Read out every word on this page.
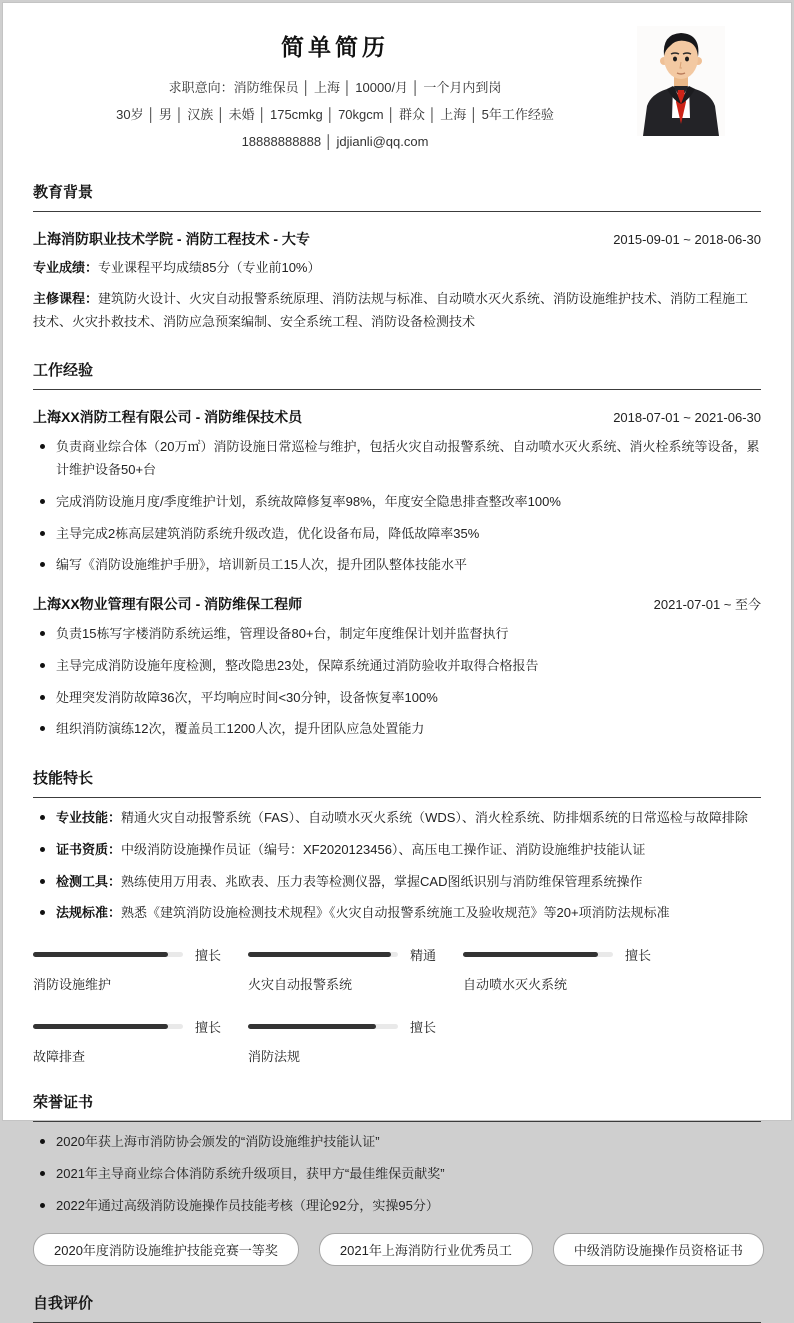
简单简历
求职意向：消防维保员 │ 上海 │ 10000/月 │ 一个月内到岗
30岁 │ 男 │ 汉族 │ 未婚 │ 175cmkg │ 70kgcm │ 群众 │ 上海 │ 5年工作经验
18888888888 │ jdjianli@qq.com
教育背景
上海消防职业技术学院 - 消防工程技术 - 大专	2015-09-01 ~ 2018-06-30

专业成绩：专业课程平均成绩85分（专业前10%）

主修课程：建筑防火设计、火灾自动报警系统原理、消防法规与标准、自动喷水灭火系统、消防设施维护技术、消防工程施工技术、火灾扑救技术、消防应急预案编制、安全系统工程、消防设备检测技术

工作经验
上海XX消防工程有限公司 - 消防维保技术员	2018-07-01 ~ 2021-06-30
负责商业综合体（20万㎡）消防设施日常巡检与维护，包括火灾自动报警系统、自动喷水灭火系统、消火栓系统等设备，累计维护设备50+台
完成消防设施月度/季度维护计划，系统故障修复率98%，年度安全隐患排查整改率100%
主导完成2栋高层建筑消防系统升级改造，优化设备布局，降低故障率35%
编写《消防设施维护手册》，培训新员工15人次，提升团队整体技能水平
上海XX物业管理有限公司 - 消防维保工程师	2021-07-01 ~ 至今
负责15栋写字楼消防系统运维，管理设备80+台，制定年度维保计划并监督执行
主导完成消防设施年度检测，整改隐患23处，保障系统通过消防验收并取得合格报告
处理突发消防故障36次，平均响应时间<30分钟，设备恢复率100%
组织消防演练12次，覆盖员工1200人次，提升团队应急处置能力
技能特长
专业技能：精通火灾自动报警系统（FAS）、自动喷水灭火系统（WDS）、消火栓系统、防排烟系统的日常巡检与故障排除
证书资质：中级消防设施操作员证（编号：XF2020123456）、高压电工操作证、消防设施维护技能认证
检测工具：熟练使用万用表、兆欧表、压力表等检测仪器，掌握CAD图纸识别与消防维保管理系统操作
法规标准：熟悉《建筑消防设施检测技术规程》《火灾自动报警系统施工及验收规范》等20+项消防法规标准
擅长
消防设施维护
精通
火灾自动报警系统
擅长
自动喷水灭火系统
擅长
故障排查
擅长
消防法规
荣誉证书
2020年获上海市消防协会颁发的“消防设施维护技能认证”
2021年主导商业综合体消防系统升级项目，获甲方“最佳维保贡献奖”
2022年通过高级消防设施操作员技能考核（理论92分，实操95分）
2020年度消防设施维护技能竞赛一等奖	2021年上海消防行业优秀员工	中级消防设施操作员资格证书
自我评价
